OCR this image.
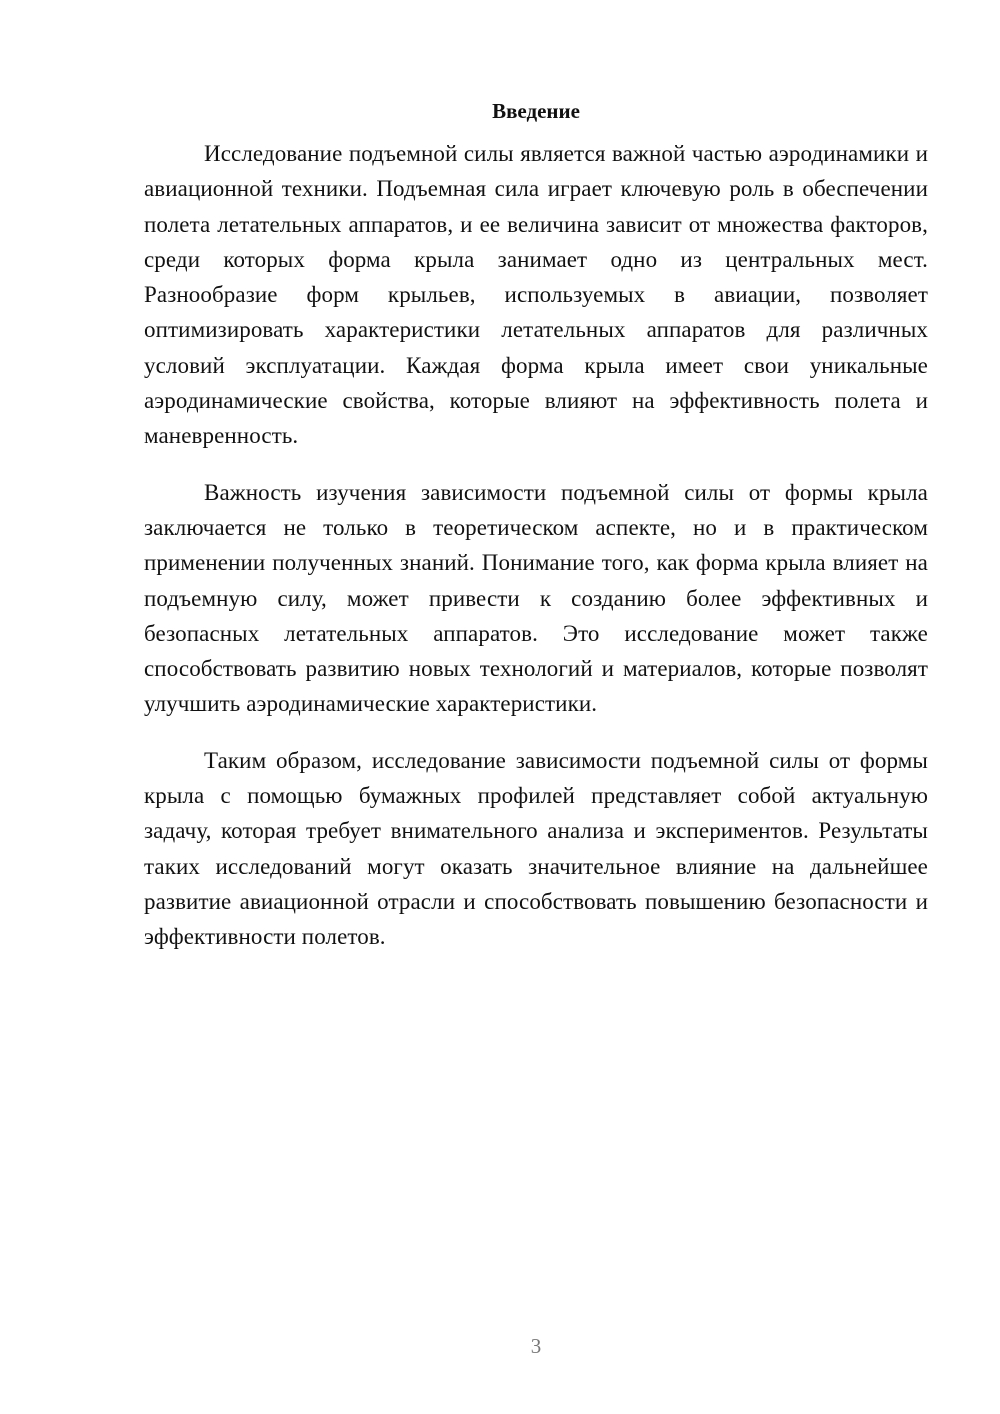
Введение

Исследование подъемной силы является важной частью аэродинамики и авиационной техники. Подъемная сила играет ключевую роль в обеспечении полета летательных аппаратов, и ее величина зависит от множества факторов, среди которых форма крыла занимает одно из центральных мест. Разнообразие форм крыльев, используемых в авиации, позволяет оптимизировать характеристики летательных аппаратов для различных условий эксплуатации. Каждая форма крыла имеет свои уникальные аэродинамические свойства, которые влияют на эффективность полета и маневренность.

Важность изучения зависимости подъемной силы от формы крыла заключается не только в теоретическом аспекте, но и в практическом применении полученных знаний. Понимание того, как форма крыла влияет на подъемную силу, может привести к созданию более эффективных и безопасных летательных аппаратов. Это исследование может также способствовать развитию новых технологий и материалов, которые позволят улучшить аэродинамические характеристики.

Таким образом, исследование зависимости подъемной силы от формы крыла с помощью бумажных профилей представляет собой актуальную задачу, которая требует внимательного анализа и экспериментов. Результаты таких исследований могут оказать значительное влияние на дальнейшее развитие авиационной отрасли и способствовать повышению безопасности и эффективности полетов.

3
